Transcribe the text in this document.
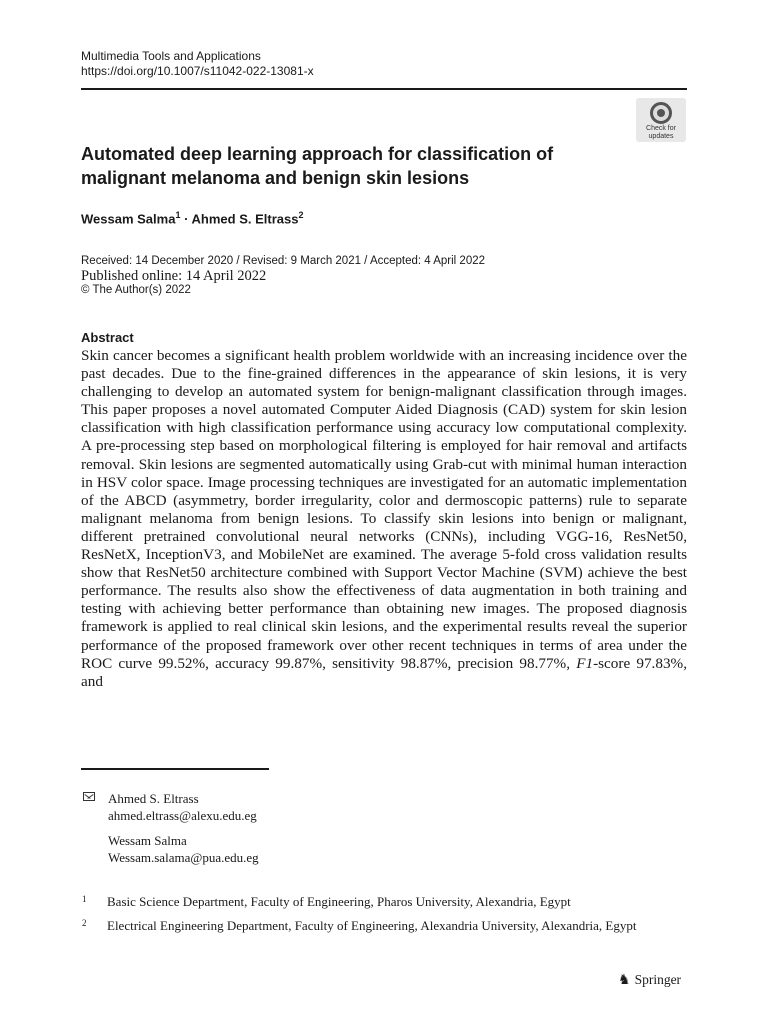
Multimedia Tools and Applications
https://doi.org/10.1007/s11042-022-13081-x
Check for
updates
Automated deep learning approach for classification of malignant melanoma and benign skin lesions
Wessam Salma$^1$ · Ahmed S. Eltrass$^2$
Received: 14 December 2020 / Revised: 9 March 2021 / Accepted: 4 April 2022
Published online: 14 April 2022
© The Author(s) 2022
Abstract

Skin cancer becomes a significant health problem worldwide with an increasing incidence over the past decades. Due to the fine-grained differences in the appearance of skin lesions, it is very challenging to develop an automated system for benign-malignant classification through images. This paper proposes a novel automated Computer Aided Diagnosis (CAD) system for skin lesion classification with high classification performance using accuracy low computational complexity. A pre-processing step based on morphological filtering is employed for hair removal and artifacts removal. Skin lesions are segmented automatically using Grab-cut with minimal human interaction in HSV color space. Image processing techniques are investigated for an automatic implementation of the ABCD (asymmetry, border irregularity, color and dermoscopic patterns) rule to separate malignant melanoma from benign lesions. To classify skin lesions into benign or malignant, different pretrained convolutional neural networks (CNNs), including VGG-16, ResNet50, ResNetX, InceptionV3, and MobileNet are examined. The average 5-fold cross validation results show that ResNet50 architecture combined with Support Vector Machine (SVM) achieve the best performance. The results also show the effectiveness of data augmentation in both training and testing with achieving better performance than obtaining new images. The proposed diagnosis framework is applied to real clinical skin lesions, and the experimental results reveal the superior performance of the proposed framework over other recent techniques in terms of area under the ROC curve 99.52%, accuracy 99.87%, sensitivity 98.87%, precision 98.77%, F1-score 97.83%, and

Ahmed S. Eltrass
ahmed.eltrass@alexu.edu.eg
Wessam Salma
Wessam.salama@pua.edu.eg
1 Basic Science Department, Faculty of Engineering, Pharos University, Alexandria, Egypt
2 Electrical Engineering Department, Faculty of Engineering, Alexandria University, Alexandria, Egypt
♞ Springer
